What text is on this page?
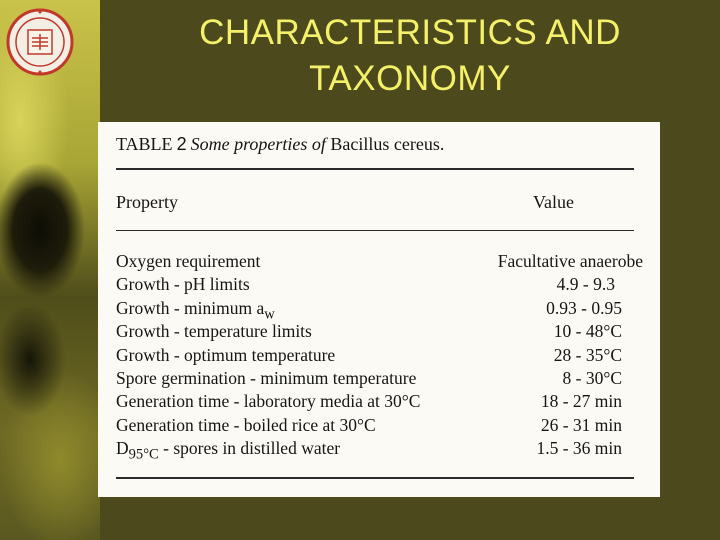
CHARACTERISTICS AND
TAXONOMY
TABLE 2 Some properties of Bacillus cereus.
Property	Value
Oxygen requirement	Facultative anaerobe
Growth - pH limits	4.9 - 9.3
Growth - minimum $a_w$	0.93 - 0.95
Growth - temperature limits	10 - 48°C
Growth - optimum temperature	28 - 35°C
Spore germination - minimum temperature	8 - 30°C
Generation time - laboratory media at 30°C	18 - 27 min
Generation time - boiled rice at 30°C	26 - 31 min
$D_{95^\circ C}$ - spores in distilled water	1.5 - 36 min
